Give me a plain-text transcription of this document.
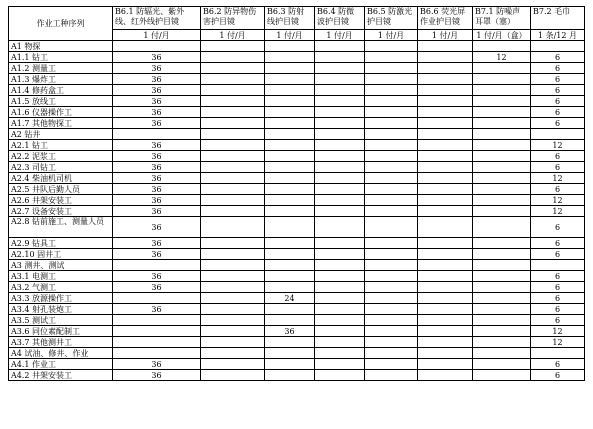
作业工种序列	B6.1 防辐光、紫外线、红外线护目镜	B6.2 防异物伤害护目镜	B6.3 防射线护目镜	B6.4 防微波护目镜	B6.5 防激光护目镜	B6.6 荧光屏作业护目镜	B7.1 防噪声耳罩（塞）	B7.2 毛巾
	1 付/月	1 付/月	1 付/月	1 付/月	1 付/月	1 付/月	1 付/月（盒）	1 条/12 月
A1 物探								
A1.1 钻工	36						12	6
A1.2 测量工	36							6
A1.3 爆炸工	36							6
A1.4 修药盒工	36							6
A1.5 放线工	36							6
A1.6 仪器操作工	36							6
A1.7 其他物探工	36							6
A2 钻井								
A2.1 钻工	36							12
A2.2 泥浆工	36							6
A2.3 司钻工	36							6
A2.4 柴油机司机	36							12
A2.5 井队后勤人员	36							6
A2.6 井架安装工	36							12
A2.7 设备安装工	36							12
A2.8 钻前施工、测量人员	36							6
A2.9 钻具工	36							6
A2.10 固井工	36							6
A3 测井、测试								
A3.1 电测工	36							6
A3.2 气测工	36							6
A3.3 放源操作工			24					6
A3.4 射孔装炮工	36							6
A3.5 测试工								6
A3.6 同位素配制工			36					12
A3.7 其他测井工								12
A4 试油、修井、作业								
A4.1 作业工	36							6
A4.2 井架安装工	36							6
